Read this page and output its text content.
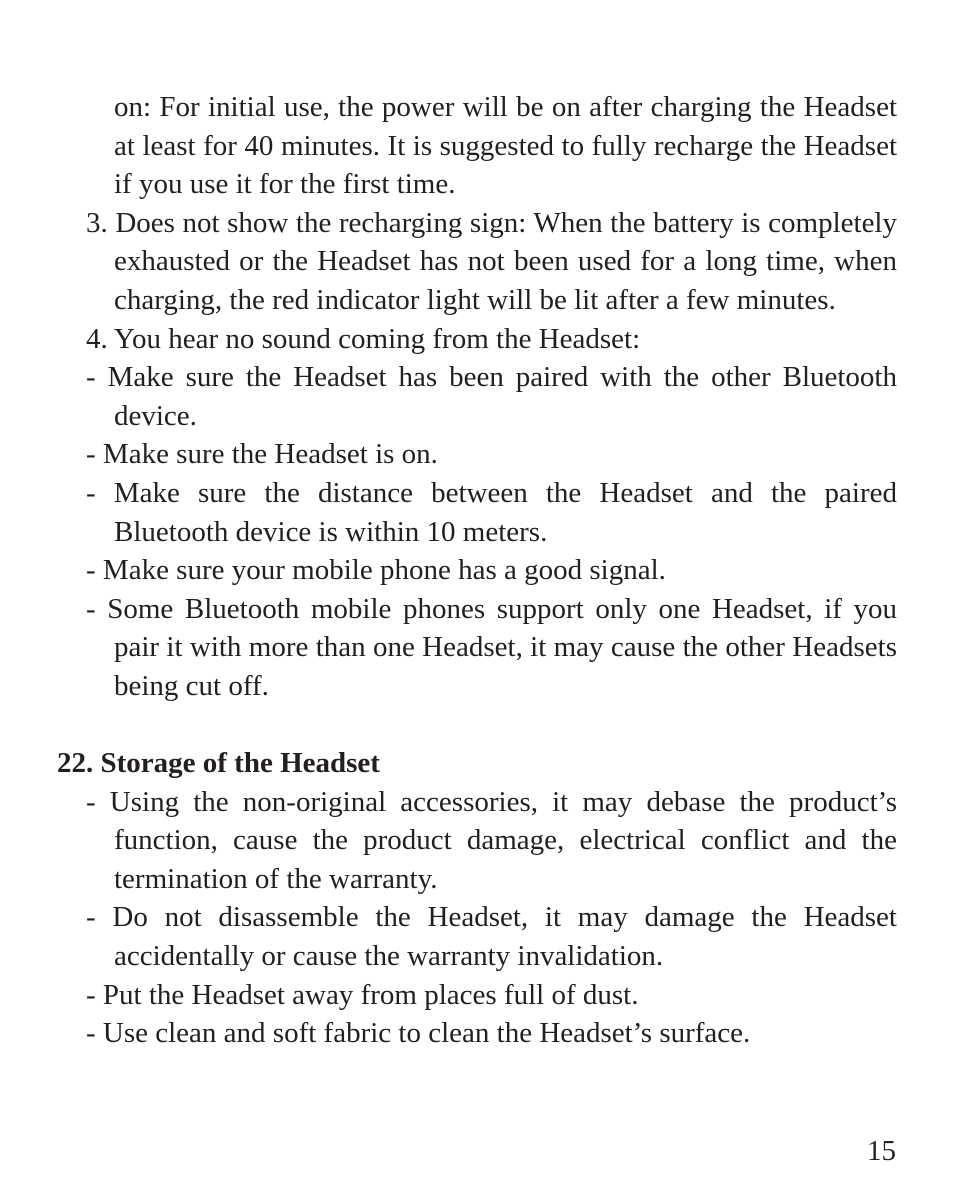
on: For initial use, the power will be on after charging the Headset at least for 40 minutes. It is suggested to fully recharge the Headset if you use it for the first time.

3. Does not show the recharging sign: When the battery is completely exhausted or the Headset has not been used for a long time, when charging, the red indicator light will be lit after a few minutes.

4. You hear no sound coming from the Headset:

- Make sure the Headset has been paired with the other Bluetooth device.

- Make sure the Headset is on.

- Make sure the distance between the Headset and the paired Bluetooth device is within 10 meters.

- Make sure your mobile phone has a good signal.

- Some Bluetooth mobile phones support only one Headset, if you pair it with more than one Headset, it may cause the other Headsets being cut off.

22. Storage of the Headset

- Using the non-original accessories, it may debase the product’s function, cause the product damage, electrical conflict and the termination of the warranty.

- Do not disassemble the Headset, it may damage the Headset accidentally or cause the warranty invalidation.

- Put the Headset away from places full of dust.

- Use clean and soft fabric to clean the Headset’s surface.

15
